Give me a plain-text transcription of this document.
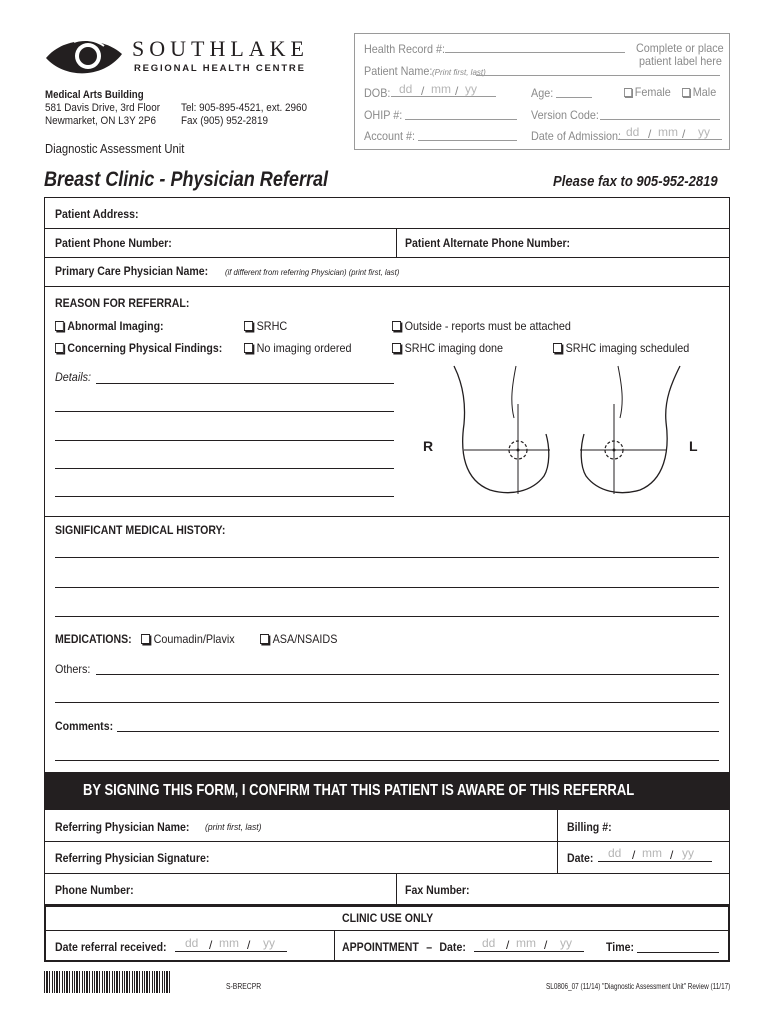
SOUTHLAKE
REGIONAL HEALTH CENTRE
Medical Arts Building
581 Davis Drive, 3rd Floor
Newmarket, ON L3Y 2P6
Tel: 905-895-4521, ext. 2960
Fax (905) 952-2819
Diagnostic Assessment Unit
Health Record #:	Complete or place
patient label here
Patient Name: (Print first, last)
DOB: dd / mm / yy	Age:	Female	Male
OHIP #:	Version Code:
Account #:	Date of Admission: dd / mm / yy
Breast Clinic - Physician Referral	Please fax to 905-952-2819
Patient Address:
Patient Phone Number:	Patient Alternate Phone Number:
Primary Care Physician Name: (if different from referring Physician) (print first, last)
REASON FOR REFERRAL:
Abnormal Imaging:	SRHC	Outside - reports must be attached
Concerning Physical Findings:	No imaging ordered	SRHC imaging done	SRHC imaging scheduled
Details:
R	L
SIGNIFICANT MEDICAL HISTORY:
MEDICATIONS:	Coumadin/Plavix	ASA/NSAIDS
Others:
Comments:
BY SIGNING THIS FORM, I CONFIRM THAT THIS PATIENT IS AWARE OF THIS REFERRAL
Referring Physician Name: (print first, last)	Billing #:
Referring Physician Signature:	Date: dd / mm / yy
Phone Number:	Fax Number:
CLINIC USE ONLY
Date referral received: dd / mm / yy	APPOINTMENT – Date: dd / mm / yy	Time:
S-BRECPR	SL0806_07 (11/14) "Diagnostic Assessment Unit" Review (11/17)
